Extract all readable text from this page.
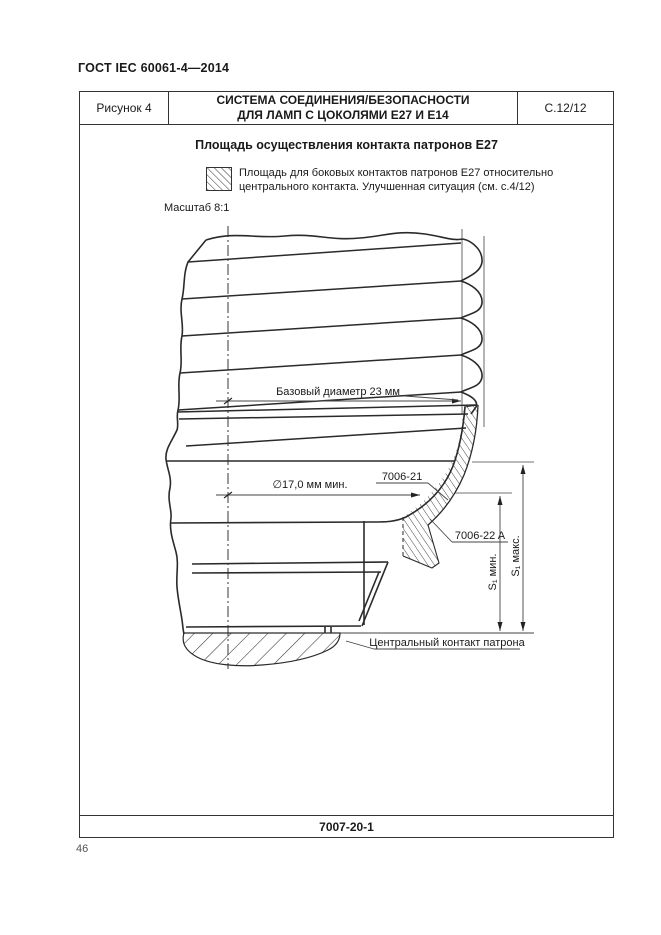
ГОСТ IEC 60061-4—2014
Рисунок 4
СИСТЕМА СОЕДИНЕНИЯ/БЕЗОПАСНОСТИ
ДЛЯ ЛАМП С ЦОКОЛЯМИ Е27 И Е14	С.12/12
Площадь осуществления контакта патронов Е27
Площадь для боковых контактов патронов Е27 относительно
центрального контакта. Улучшенная ситуация (см. с.4/12)
Масштаб 8:1
7007-20-1
Базовый диаметр 23 мм
∅17,0 мм мин.
7006-21
7006-22 A
S₁ мин. S₁ макс.
Центральный контакт патрона
46
